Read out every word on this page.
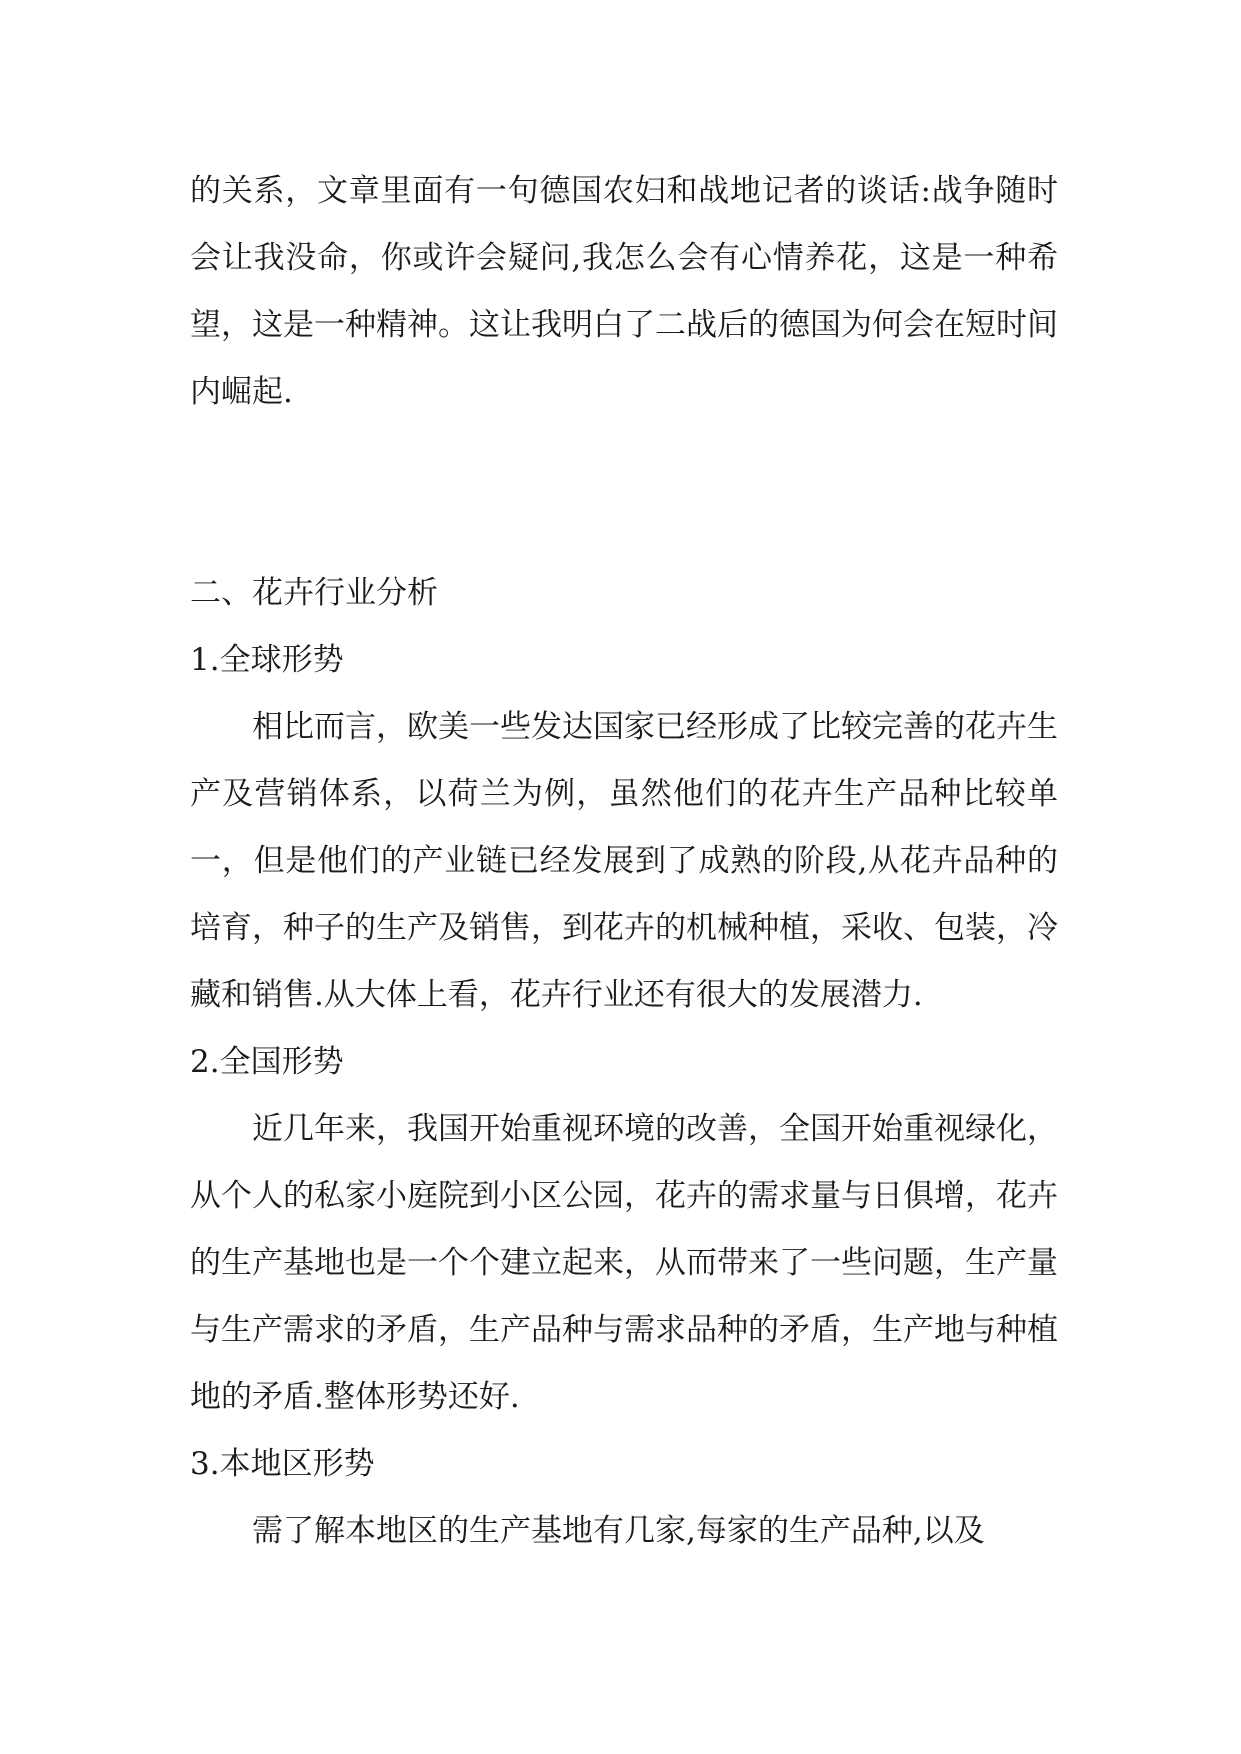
的关系，文章里面有一句德国农妇和战地记者的谈话:战争随时会让我没命，你或许会疑问,我怎么会有心情养花，这是一种希望，这是一种精神。这让我明白了二战后的德国为何会在短时间内崛起.

二、花卉行业分析

1.全球形势

相比而言，欧美一些发达国家已经形成了比较完善的花卉生产及营销体系，以荷兰为例，虽然他们的花卉生产品种比较单一，但是他们的产业链已经发展到了成熟的阶段,从花卉品种的培育，种子的生产及销售，到花卉的机械种植，采收、包装，冷藏和销售.从大体上看，花卉行业还有很大的发展潜力.

2.全国形势

近几年来，我国开始重视环境的改善，全国开始重视绿化，从个人的私家小庭院到小区公园，花卉的需求量与日俱增，花卉的生产基地也是一个个建立起来，从而带来了一些问题，生产量与生产需求的矛盾，生产品种与需求品种的矛盾，生产地与种植地的矛盾.整体形势还好.

3.本地区形势

需了解本地区的生产基地有几家,每家的生产品种,以及
